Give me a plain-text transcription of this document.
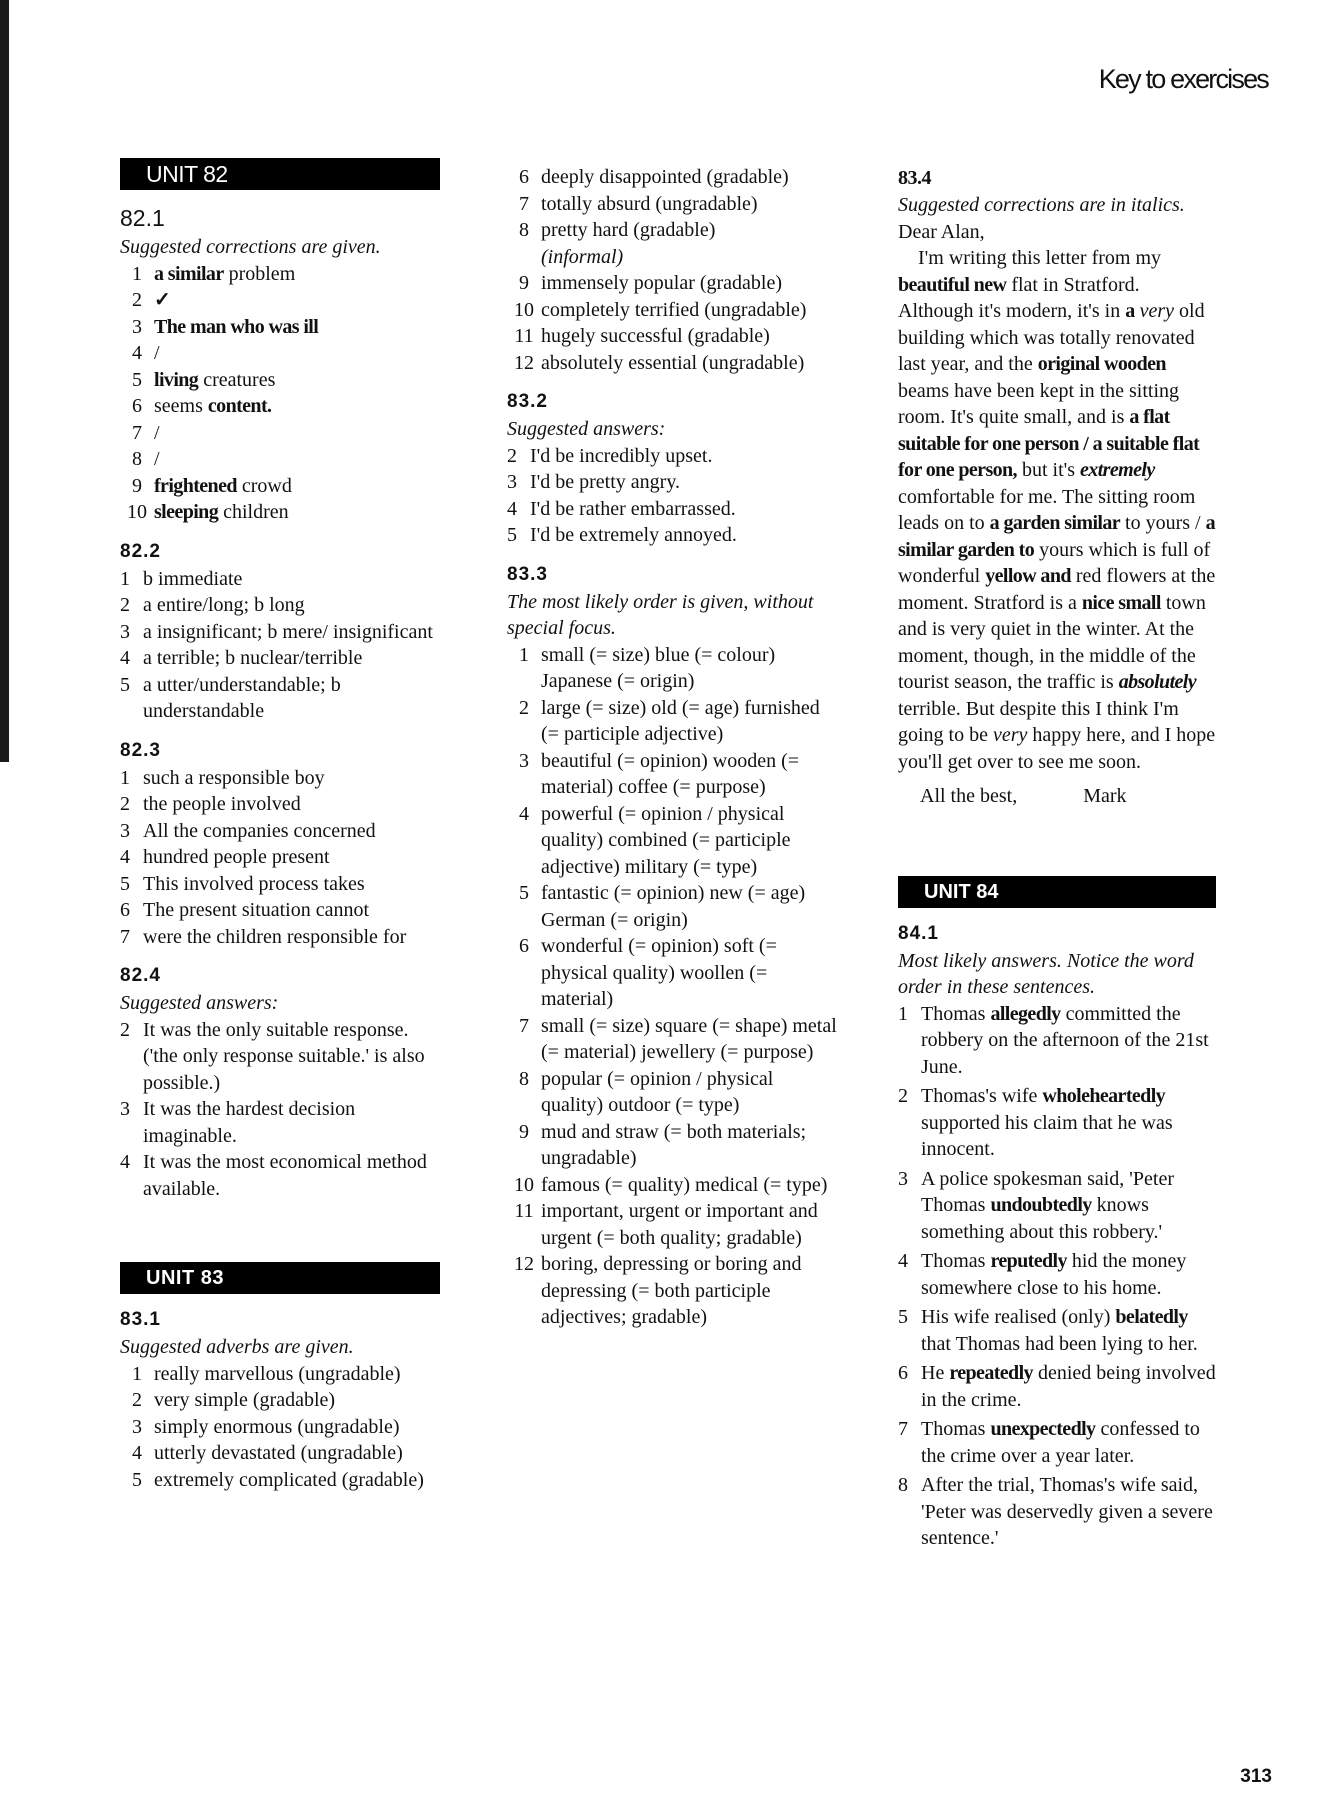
Key to exercises
UNIT 82
82.1
Suggested corrections are given.
1 a similar problem
2 ✓
3 The man who was ill
4 /
5 living creatures
6 seems content.
7 /
8 /
9 frightened crowd
10 sleeping children
82.2
1 b immediate
2 a entire/long; b long
3 a insignificant; b mere/ insignificant
4 a terrible; b nuclear/terrible
5 a utter/understandable; b understandable
82.3
1 such a responsible boy
2 the people involved
3 All the companies concerned
4 hundred people present
5 This involved process takes
6 The present situation cannot
7 were the children responsible for
82.4
Suggested answers:
2 It was the only suitable response. ('the only response suitable.' is also possible.)
3 It was the hardest decision imaginable.
4 It was the most economical method available.
UNIT 83
83.1
Suggested adverbs are given.
1 really marvellous (ungradable)
2 very simple (gradable)
3 simply enormous (ungradable)
4 utterly devastated (ungradable)
5 extremely complicated (gradable)
6 deeply disappointed (gradable)
7 totally absurd (ungradable)
8 pretty hard (gradable)
(informal)
9 immensely popular (gradable)
10 completely terrified (ungradable)
11 hugely successful (gradable)
12 absolutely essential (ungradable)
83.2
Suggested answers:
2 I'd be incredibly upset.
3 I'd be pretty angry.
4 I'd be rather embarrassed.
5 I'd be extremely annoyed.
83.3
The most likely order is given, without special focus.
1 small (= size) blue (= colour) Japanese (= origin)
2 large (= size) old (= age) furnished (= participle adjective)
3 beautiful (= opinion) wooden (= material) coffee (= purpose)
4 powerful (= opinion / physical quality) combined (= participle adjective) military (= type)
5 fantastic (= opinion) new (= age) German (= origin)
6 wonderful (= opinion) soft (= physical quality) woollen (= material)
7 small (= size) square (= shape) metal (= material) jewellery (= purpose)
8 popular (= opinion / physical quality) outdoor (= type)
9 mud and straw (= both materials; ungradable)
10 famous (= quality) medical (= type)
11 important, urgent or important and urgent (= both quality; gradable)
12 boring, depressing or boring and depressing (= both participle adjectives; gradable)
83.4
Suggested corrections are in italics.
Dear Alan,
I'm writing this letter from my beautiful new flat in Stratford. Although it's modern, it's in a very old building which was totally renovated last year, and the original wooden beams have been kept in the sitting room. It's quite small, and is a flat suitable for one person / a suitable flat for one person, but it's extremely comfortable for me. The sitting room leads on to a garden similar to yours / a similar garden to yours which is full of wonderful yellow and red flowers at the moment. Stratford is a nice small town and is very quiet in the winter. At the moment, though, in the middle of the tourist season, the traffic is absolutely terrible. But despite this I think I'm going to be very happy here, and I hope you'll get over to see me soon.
All the best,	Mark
UNIT 84
84.1
Most likely answers. Notice the word order in these sentences.
1 Thomas allegedly committed the robbery on the afternoon of the 21st June.
2 Thomas's wife wholeheartedly supported his claim that he was innocent.
3 A police spokesman said, 'Peter Thomas undoubtedly knows something about this robbery.'
4 Thomas reputedly hid the money somewhere close to his home.
5 His wife realised (only) belatedly that Thomas had been lying to her.
6 He repeatedly denied being involved in the crime.
7 Thomas unexpectedly confessed to the crime over a year later.
8 After the trial, Thomas's wife said, 'Peter was deservedly given a severe sentence.'
313
